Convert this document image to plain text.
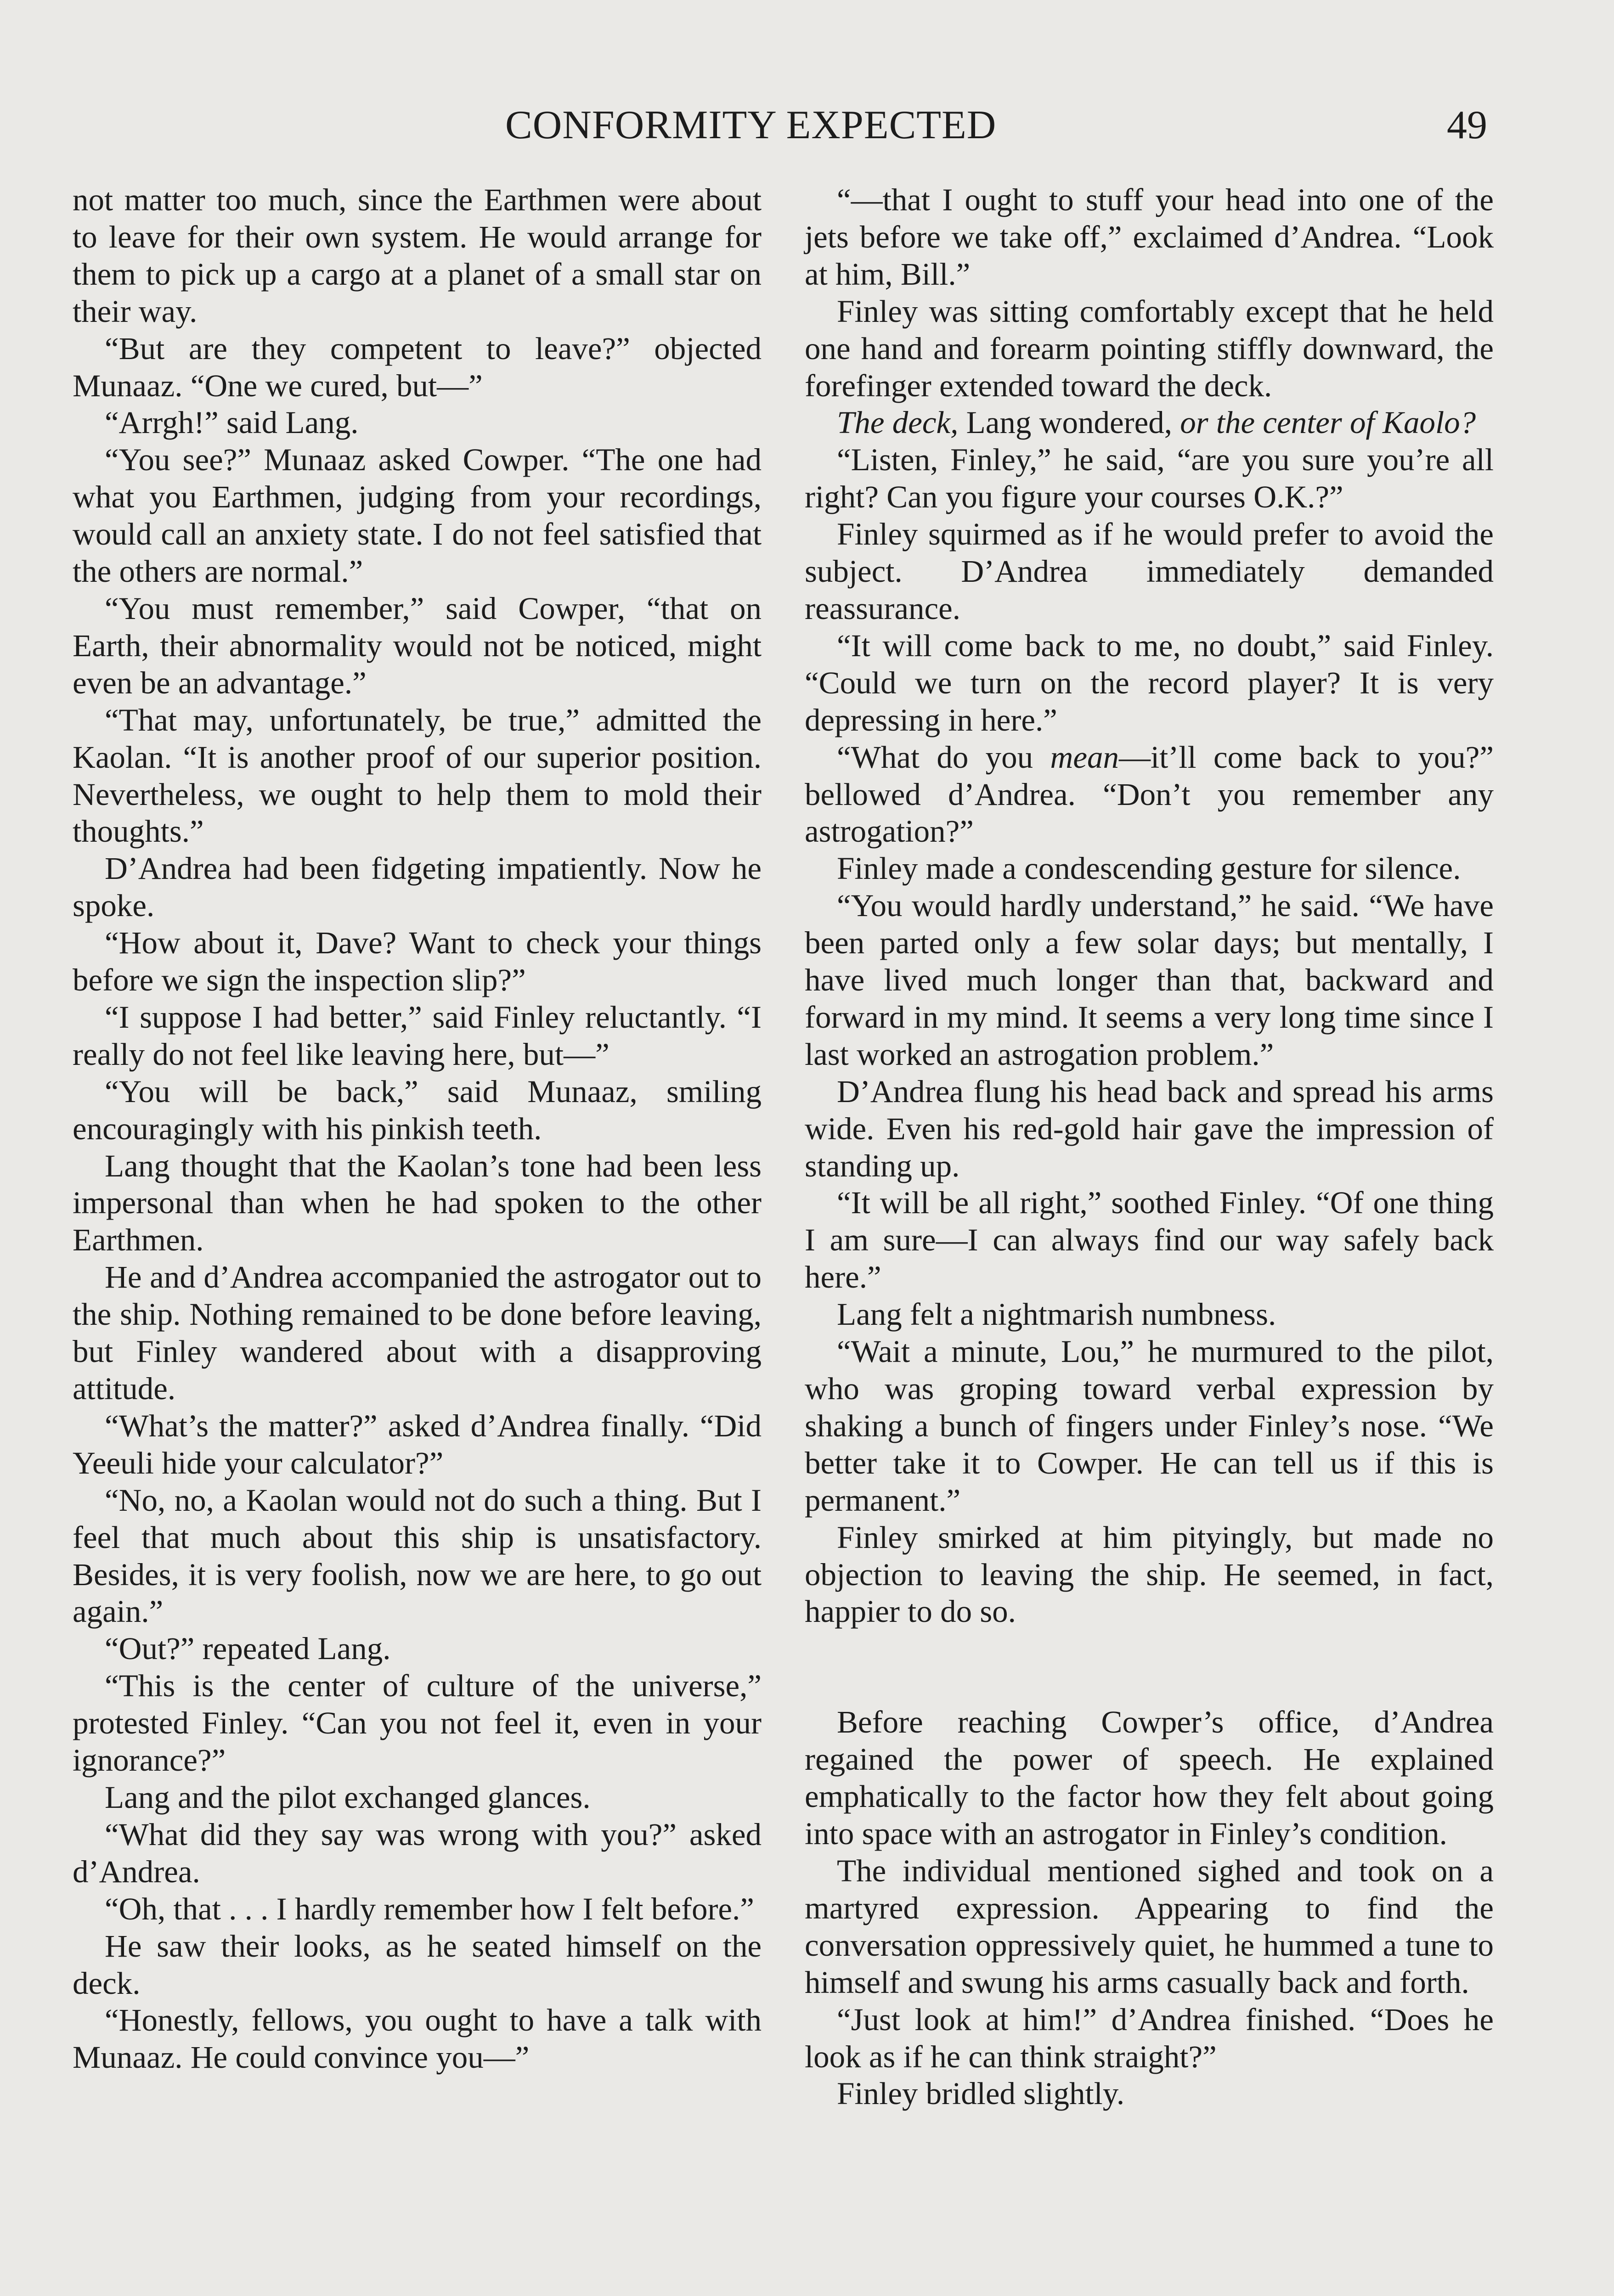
CONFORMITY EXPECTED	49

not matter too much, since the Earthmen were about to leave for their own system. He would arrange for them to pick up a cargo at a planet of a small star on their way.

“But are they competent to leave?” objected Munaaz. “One we cured, but—”

“Arrgh!” said Lang.

“You see?” Munaaz asked Cowper. “The one had what you Earthmen, judging from your recordings, would call an anxiety state. I do not feel satisfied that the others are normal.”

“You must remember,” said Cowper, “that on Earth, their abnormality would not be noticed, might even be an advantage.”

“That may, unfortunately, be true,” admitted the Kaolan. “It is another proof of our superior position. Nevertheless, we ought to help them to mold their thoughts.”

D’Andrea had been fidgeting impatiently. Now he spoke.

“How about it, Dave? Want to check your things before we sign the inspection slip?”

“I suppose I had better,” said Finley reluctantly. “I really do not feel like leaving here, but—”

“You will be back,” said Munaaz, smiling encouragingly with his pinkish teeth.

Lang thought that the Kaolan’s tone had been less impersonal than when he had spoken to the other Earthmen.

He and d’Andrea accompanied the astrogator out to the ship. Nothing remained to be done before leaving, but Finley wandered about with a disapproving attitude.

“What’s the matter?” asked d’Andrea finally. “Did Yeeuli hide your calculator?”

“No, no, a Kaolan would not do such a thing. But I feel that much about this ship is unsatisfactory. Besides, it is very foolish, now we are here, to go out again.”

“Out?” repeated Lang.

“This is the center of culture of the universe,” protested Finley. “Can you not feel it, even in your ignorance?”

Lang and the pilot exchanged glances.

“What did they say was wrong with you?” asked d’Andrea.

“Oh, that . . . I hardly remember how I felt before.”

He saw their looks, as he seated himself on the deck.

“Honestly, fellows, you ought to have a talk with Munaaz. He could convince you—”

“—that I ought to stuff your head into one of the jets before we take off,” exclaimed d’Andrea. “Look at him, Bill.”

Finley was sitting comfortably except that he held one hand and forearm pointing stiffly downward, the forefinger extended toward the deck.

The deck, Lang wondered, or the center of Kaolo?

“Listen, Finley,” he said, “are you sure you’re all right? Can you figure your courses O.K.?”

Finley squirmed as if he would prefer to avoid the subject. D’Andrea immediately demanded reassurance.

“It will come back to me, no doubt,” said Finley. “Could we turn on the record player? It is very depressing in here.”

“What do you mean—it’ll come back to you?” bellowed d’Andrea. “Don’t you remember any astrogation?”

Finley made a condescending gesture for silence.

“You would hardly understand,” he said. “We have been parted only a few solar days; but mentally, I have lived much longer than that, backward and forward in my mind. It seems a very long time since I last worked an astrogation problem.”

D’Andrea flung his head back and spread his arms wide. Even his red-gold hair gave the impression of standing up.

“It will be all right,” soothed Finley. “Of one thing I am sure—I can always find our way safely back here.”

Lang felt a nightmarish numbness.

“Wait a minute, Lou,” he murmured to the pilot, who was groping toward verbal expression by shaking a bunch of fingers under Finley’s nose. “We better take it to Cowper. He can tell us if this is permanent.”

Finley smirked at him pityingly, but made no objection to leaving the ship. He seemed, in fact, happier to do so.

Before reaching Cowper’s office, d’Andrea regained the power of speech. He explained emphatically to the factor how they felt about going into space with an astrogator in Finley’s condition.

The individual mentioned sighed and took on a martyred expression. Appearing to find the conversation oppressively quiet, he hummed a tune to himself and swung his arms casually back and forth.

“Just look at him!” d’Andrea finished. “Does he look as if he can think straight?”

Finley bridled slightly.
